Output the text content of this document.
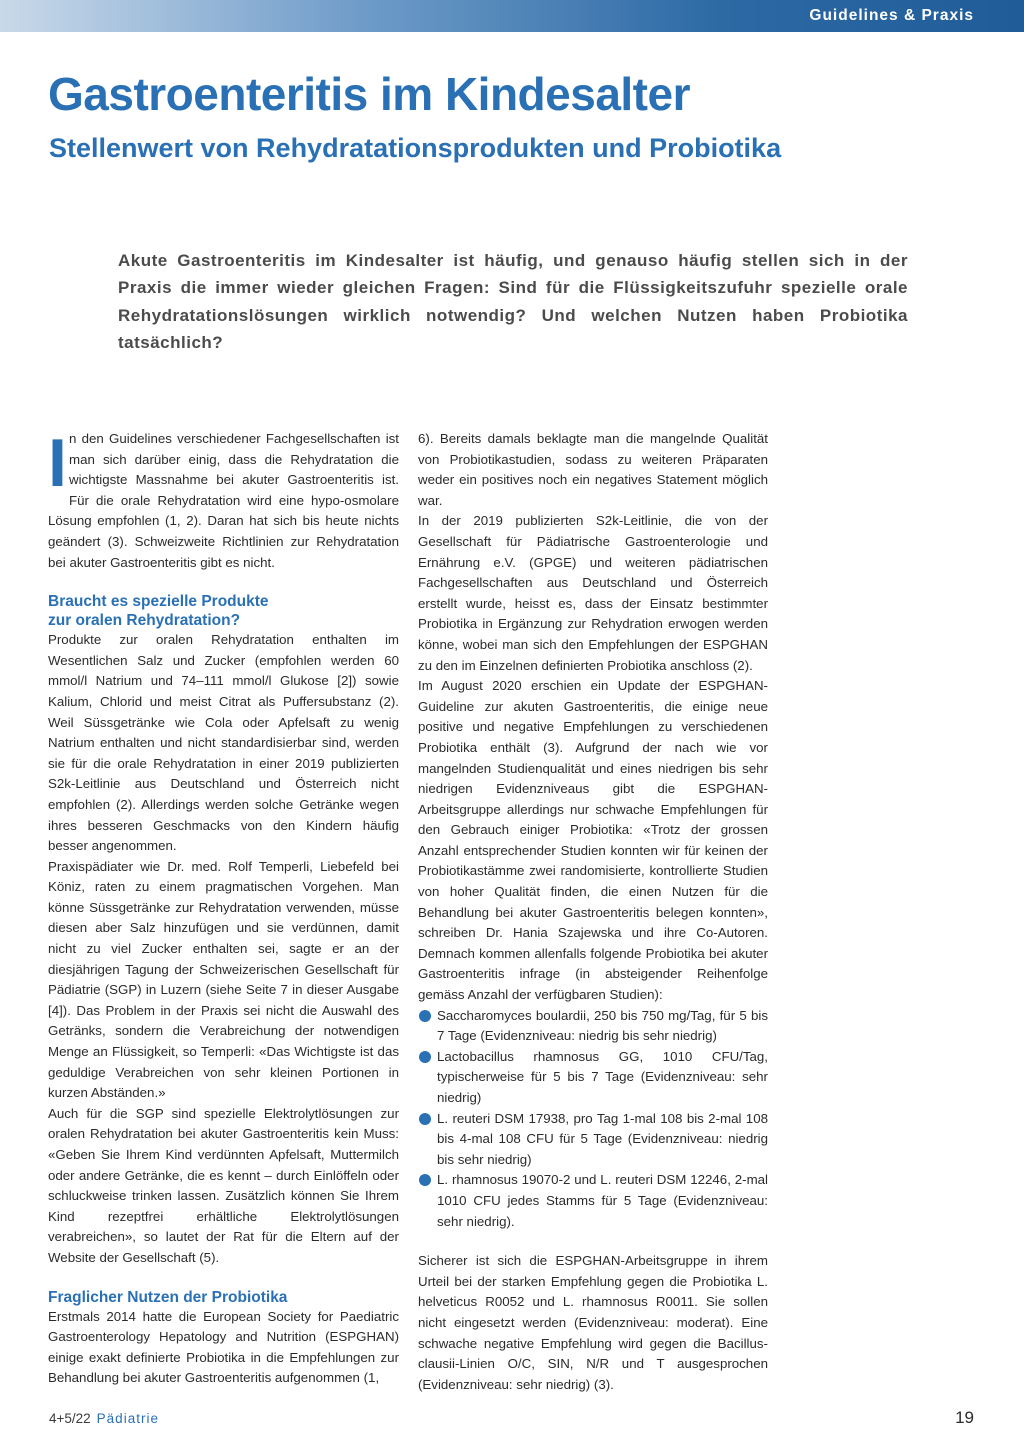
Guidelines & Praxis
Gastroenteritis im Kindesalter
Stellenwert von Rehydratationsprodukten und Probiotika

Akute Gastroenteritis im Kindesalter ist häufig, und genauso häufig stellen sich in der Praxis die immer wieder gleichen Fragen: Sind für die Flüssigkeitszufuhr spezielle orale Rehydratationslösungen wirklich notwendig? Und welchen Nutzen haben Probiotika tatsächlich?

I n den Guidelines verschiedener Fachgesellschaften ist man sich darüber einig, dass die Rehydratation die wichtigste Massnahme bei akuter Gastroenteritis ist. Für die orale Rehydratation wird eine hypo-osmolare Lösung empfohlen (1, 2). Daran hat sich bis heute nichts geändert (3). Schweizweite Richtlinien zur Rehydratation bei akuter Gastroenteritis gibt es nicht.

Braucht es spezielle Produkte
zur oralen Rehydratation?

Produkte zur oralen Rehydratation enthalten im Wesentlichen Salz und Zucker (empfohlen werden 60 mmol/l Natrium und 74–111 mmol/l Glukose [2]) sowie Kalium, Chlorid und meist Citrat als Puffersubstanz (2). Weil Süssgetränke wie Cola oder Apfelsaft zu wenig Natrium enthalten und nicht standardisierbar sind, werden sie für die orale Rehydratation in einer 2019 publizierten S2k-Leitlinie aus Deutschland und Österreich nicht empfohlen (2). Allerdings werden solche Getränke wegen ihres besseren Geschmacks von den Kindern häufig besser angenommen.

Praxispädiater wie Dr. med. Rolf Temperli, Liebefeld bei Köniz, raten zu einem pragmatischen Vorgehen. Man könne Süssgetränke zur Rehydratation verwenden, müsse diesen aber Salz hinzufügen und sie verdünnen, damit nicht zu viel Zucker enthalten sei, sagte er an der diesjährigen Tagung der Schweizerischen Gesellschaft für Pädiatrie (SGP) in Luzern (siehe Seite 7 in dieser Ausgabe [4]). Das Problem in der Praxis sei nicht die Auswahl des Getränks, sondern die Verabreichung der notwendigen Menge an Flüssigkeit, so Temperli: «Das Wichtigste ist das geduldige Verabreichen von sehr kleinen Portionen in kurzen Abständen.»

Auch für die SGP sind spezielle Elektrolytlösungen zur oralen Rehydratation bei akuter Gastroenteritis kein Muss: «Geben Sie Ihrem Kind verdünnten Apfelsaft, Muttermilch oder andere Getränke, die es kennt – durch Einlöffeln oder schluckweise trinken lassen. Zusätzlich können Sie Ihrem Kind rezeptfrei erhältliche Elektrolytlösungen verabreichen», so lautet der Rat für die Eltern auf der Website der Gesellschaft (5).

Fraglicher Nutzen der Probiotika

Erstmals 2014 hatte die European Society for Paediatric Gastroenterology Hepatology and Nutrition (ESPGHAN) einige exakt definierte Probiotika in die Empfehlungen zur Behandlung bei akuter Gastroenteritis aufgenommen (1,

6). Bereits damals beklagte man die mangelnde Qualität von Probiotikastudien, sodass zu weiteren Präparaten weder ein positives noch ein negatives Statement möglich war.

In der 2019 publizierten S2k-Leitlinie, die von der Gesellschaft für Pädiatrische Gastroenterologie und Ernährung e.V. (GPGE) und weiteren pädiatrischen Fachgesellschaften aus Deutschland und Österreich erstellt wurde, heisst es, dass der Einsatz bestimmter Probiotika in Ergänzung zur Rehydration erwogen werden könne, wobei man sich den Empfehlungen der ESPGHAN zu den im Einzelnen definierten Probiotika anschloss (2).

Im August 2020 erschien ein Update der ESPGHAN-Guideline zur akuten Gastroenteritis, die einige neue positive und negative Empfehlungen zu verschiedenen Probiotika enthält (3). Aufgrund der nach wie vor mangelnden Studienqualität und eines niedrigen bis sehr niedrigen Evidenzniveaus gibt die ESPGHAN-Arbeitsgruppe allerdings nur schwache Empfehlungen für den Gebrauch einiger Probiotika: «Trotz der grossen Anzahl entsprechender Studien konnten wir für keinen der Probiotikastämme zwei randomisierte, kontrollierte Studien von hoher Qualität finden, die einen Nutzen für die Behandlung bei akuter Gastroenteritis belegen konnten», schreiben Dr. Hania Szajewska und ihre Co-Autoren. Demnach kommen allenfalls folgende Probiotika bei akuter Gastroenteritis infrage (in absteigender Reihenfolge gemäss Anzahl der verfügbaren Studien):

Saccharomyces boulardii, 250 bis 750 mg/Tag, für 5 bis 7 Tage (Evidenzniveau: niedrig bis sehr niedrig)
Lactobacillus rhamnosus GG, 1010 CFU/Tag, typischerweise für 5 bis 7 Tage (Evidenzniveau: sehr niedrig)
L. reuteri DSM 17938, pro Tag 1-mal 108 bis 2-mal 108 bis 4-mal 108 CFU für 5 Tage (Evidenzniveau: niedrig bis sehr niedrig)
L. rhamnosus 19070-2 und L. reuteri DSM 12246, 2-mal 1010 CFU jedes Stamms für 5 Tage (Evidenzniveau: sehr niedrig).

Sicherer ist sich die ESPGHAN-Arbeitsgruppe in ihrem Urteil bei der starken Empfehlung gegen die Probiotika L. helveticus R0052 und L. rhamnosus R0011. Sie sollen nicht eingesetzt werden (Evidenzniveau: moderat). Eine schwache negative Empfehlung wird gegen die Bacillus-clausii-Linien O/C, SIN, N/R und T ausgesprochen (Evidenzniveau: sehr niedrig) (3).

4+5/22 Pädiatrie	19
